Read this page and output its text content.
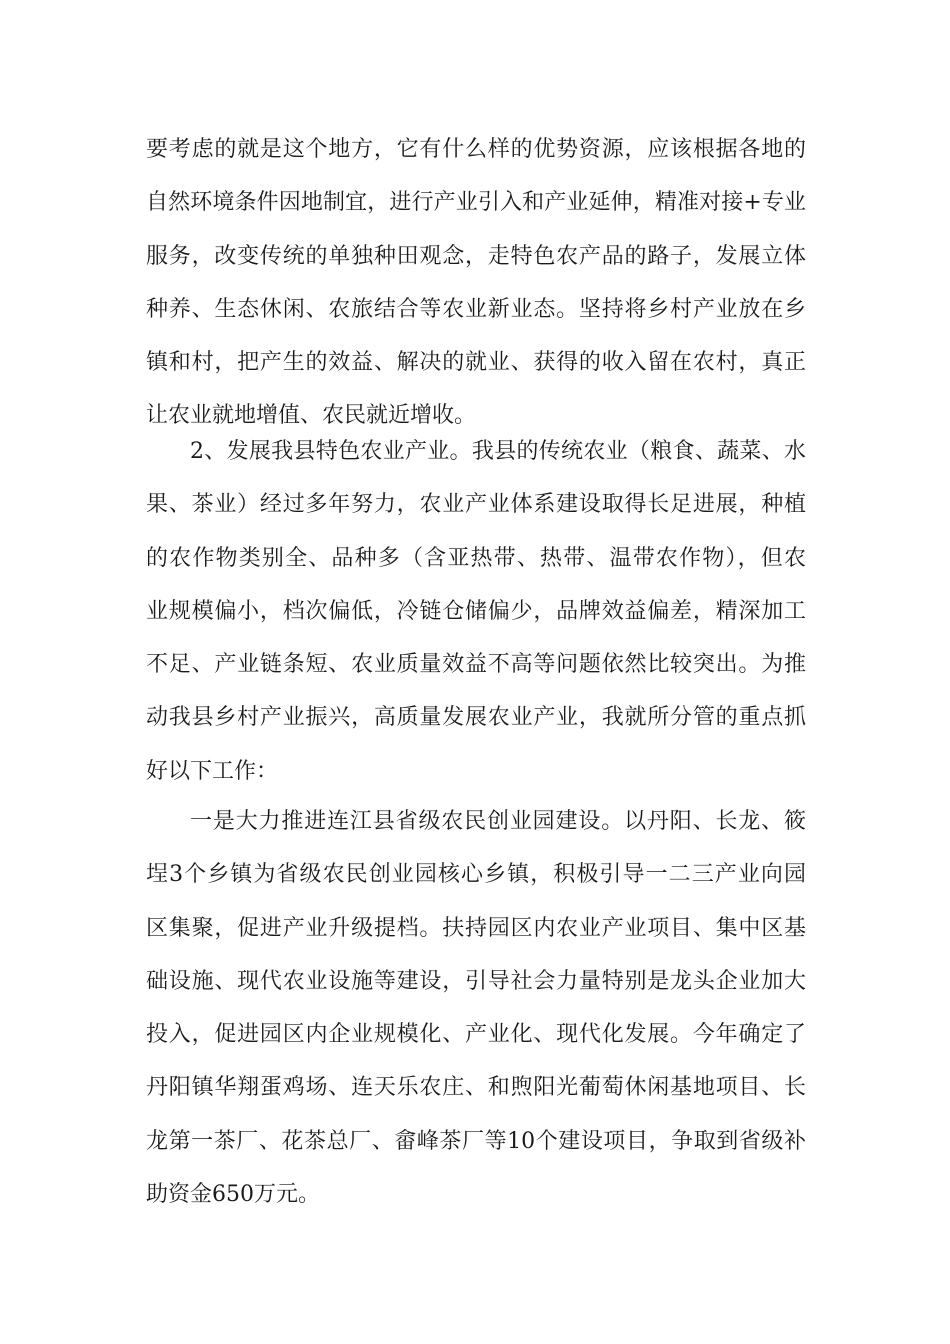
要考虑的就是这个地方，它有什么样的优势资源，应该根据各地的
自然环境条件因地制宜，进行产业引入和产业延伸，精准对接+专业
服务，改变传统的单独种田观念，走特色农产品的路子，发展立体
种养、生态休闲、农旅结合等农业新业态。坚持将乡村产业放在乡
镇和村，把产生的效益、解决的就业、获得的收入留在农村，真正
让农业就地增值、农民就近增收。
2、发展我县特色农业产业。我县的传统农业（粮食、蔬菜、水
果、茶业）经过多年努力，农业产业体系建设取得长足进展，种植
的农作物类别全、品种多（含亚热带、热带、温带农作物），但农
业规模偏小，档次偏低，冷链仓储偏少，品牌效益偏差，精深加工
不足、产业链条短、农业质量效益不高等问题依然比较突出。为推
动我县乡村产业振兴，高质量发展农业产业，我就所分管的重点抓
好以下工作：
一是大力推进连江县省级农民创业园建设。以丹阳、长龙、筱
埕3个乡镇为省级农民创业园核心乡镇，积极引导一二三产业向园
区集聚，促进产业升级提档。扶持园区内农业产业项目、集中区基
础设施、现代农业设施等建设，引导社会力量特别是龙头企业加大
投入，促进园区内企业规模化、产业化、现代化发展。今年确定了
丹阳镇华翔蛋鸡场、连天乐农庄、和煦阳光葡萄休闲基地项目、长
龙第一茶厂、花茶总厂、畲峰茶厂等10个建设项目，争取到省级补
助资金650万元。
